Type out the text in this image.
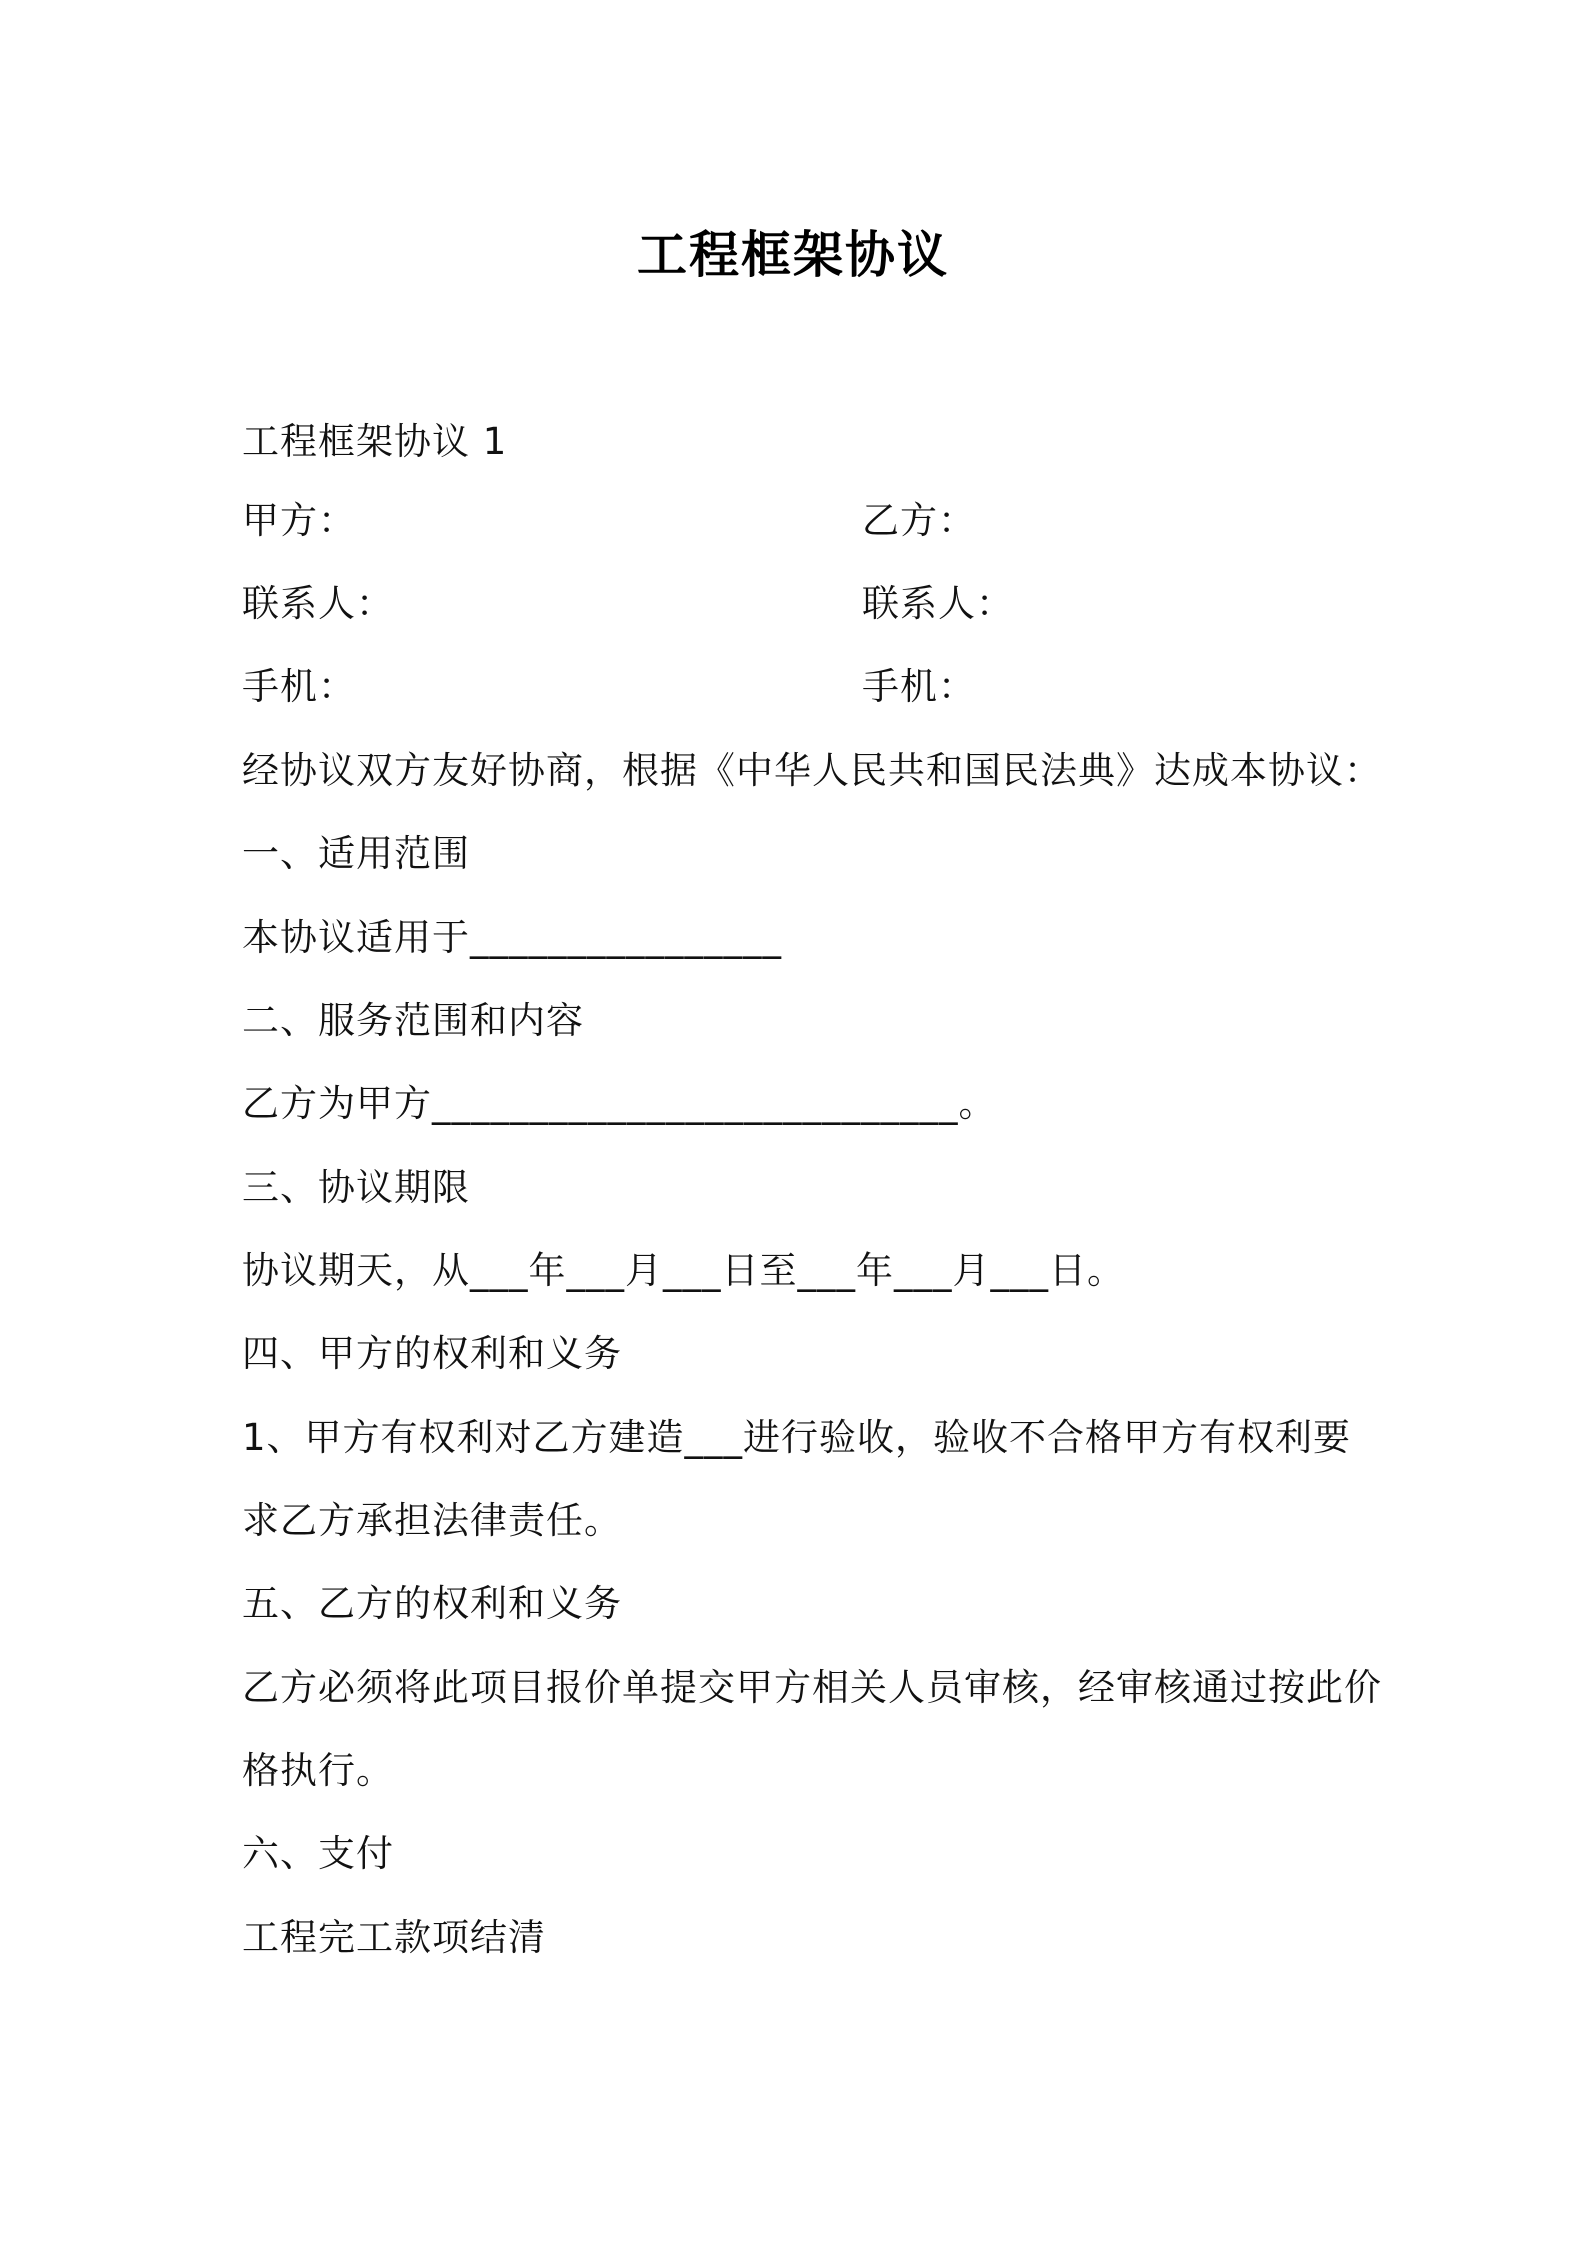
工程框架协议
工程框架协议 1
甲方：	乙方：
联系人：	联系人：
手机：	手机：
经协议双方友好协商，根据《中华人民共和国民法典》达成本协议：
一、适用范围
本协议适用于________________
二、服务范围和内容
乙方为甲方___________________________。
三、协议期限
协议期天，从___年___月___日至___年___月___日。
四、甲方的权利和义务
1、甲方有权利对乙方建造___进行验收，验收不合格甲方有权利要
求乙方承担法律责任。
五、乙方的权利和义务
乙方必须将此项目报价单提交甲方相关人员审核，经审核通过按此价
格执行。
六、支付
工程完工款项结清
